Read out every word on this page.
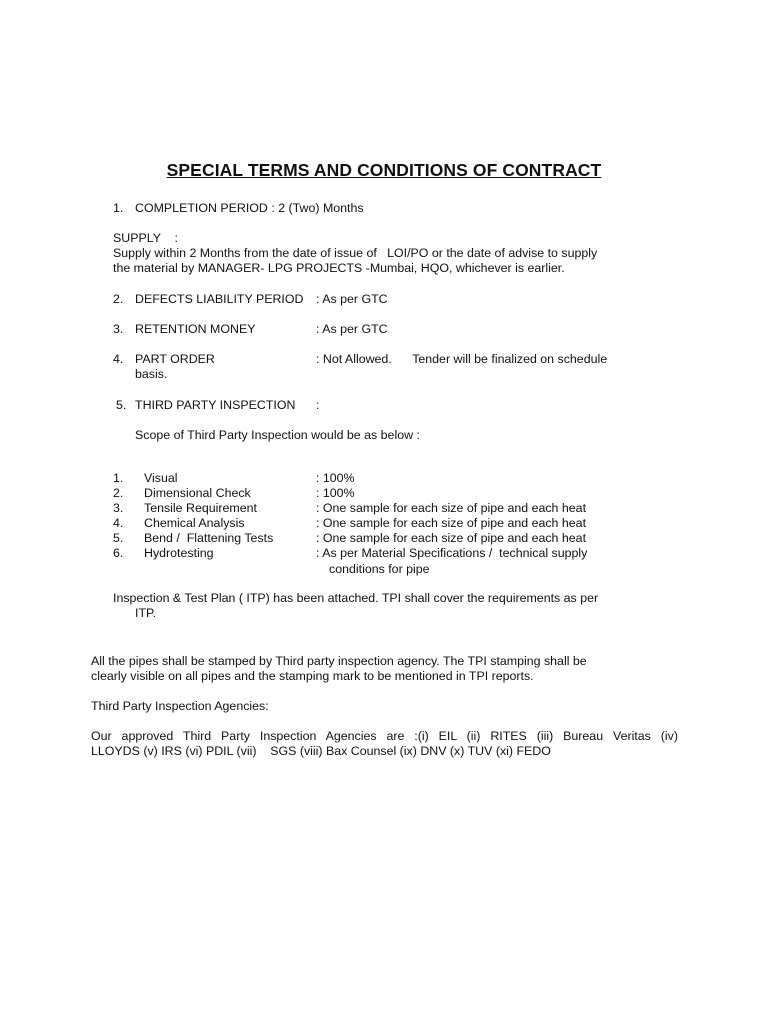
SPECIAL TERMS AND CONDITIONS OF CONTRACT
1. COMPLETION PERIOD : 2 (Two) Months
SUPPLY    :
Supply within 2 Months from the date of issue of   LOI/PO or the date of advise to supply
the material by MANAGER- LPG PROJECTS -Mumbai, HQO, whichever is earlier.
2. DEFECTS LIABILITY PERIOD : As per GTC
3. RETENTION MONEY	: As per GTC
4. PART ORDER	: Not Allowed.      Tender will be finalized on schedule
basis.
5. THIRD PARTY INSPECTION :
Scope of Third Party Inspection would be as below :
1. Visual	: 100%
2. Dimensional Check	: 100%
3. Tensile Requirement	: One sample for each size of pipe and each heat
4. Chemical Analysis	: One sample for each size of pipe and each heat
5. Bend /  Flattening Tests	: One sample for each size of pipe and each heat
6. Hydrotesting	: As per Material Specifications /  technical supply
conditions for pipe
Inspection & Test Plan ( ITP) has been attached. TPI shall cover the requirements as per
ITP.
All the pipes shall be stamped by Third party inspection agency. The TPI stamping shall be
clearly visible on all pipes and the stamping mark to be mentioned in TPI reports.
Third Party Inspection Agencies:
Our approved Third Party Inspection Agencies are :(i) EIL (ii) RITES (iii) Bureau Veritas (iv)
LLOYDS (v) IRS (vi) PDIL (vii)    SGS (viii) Bax Counsel (ix) DNV (x) TUV (xi) FEDO
